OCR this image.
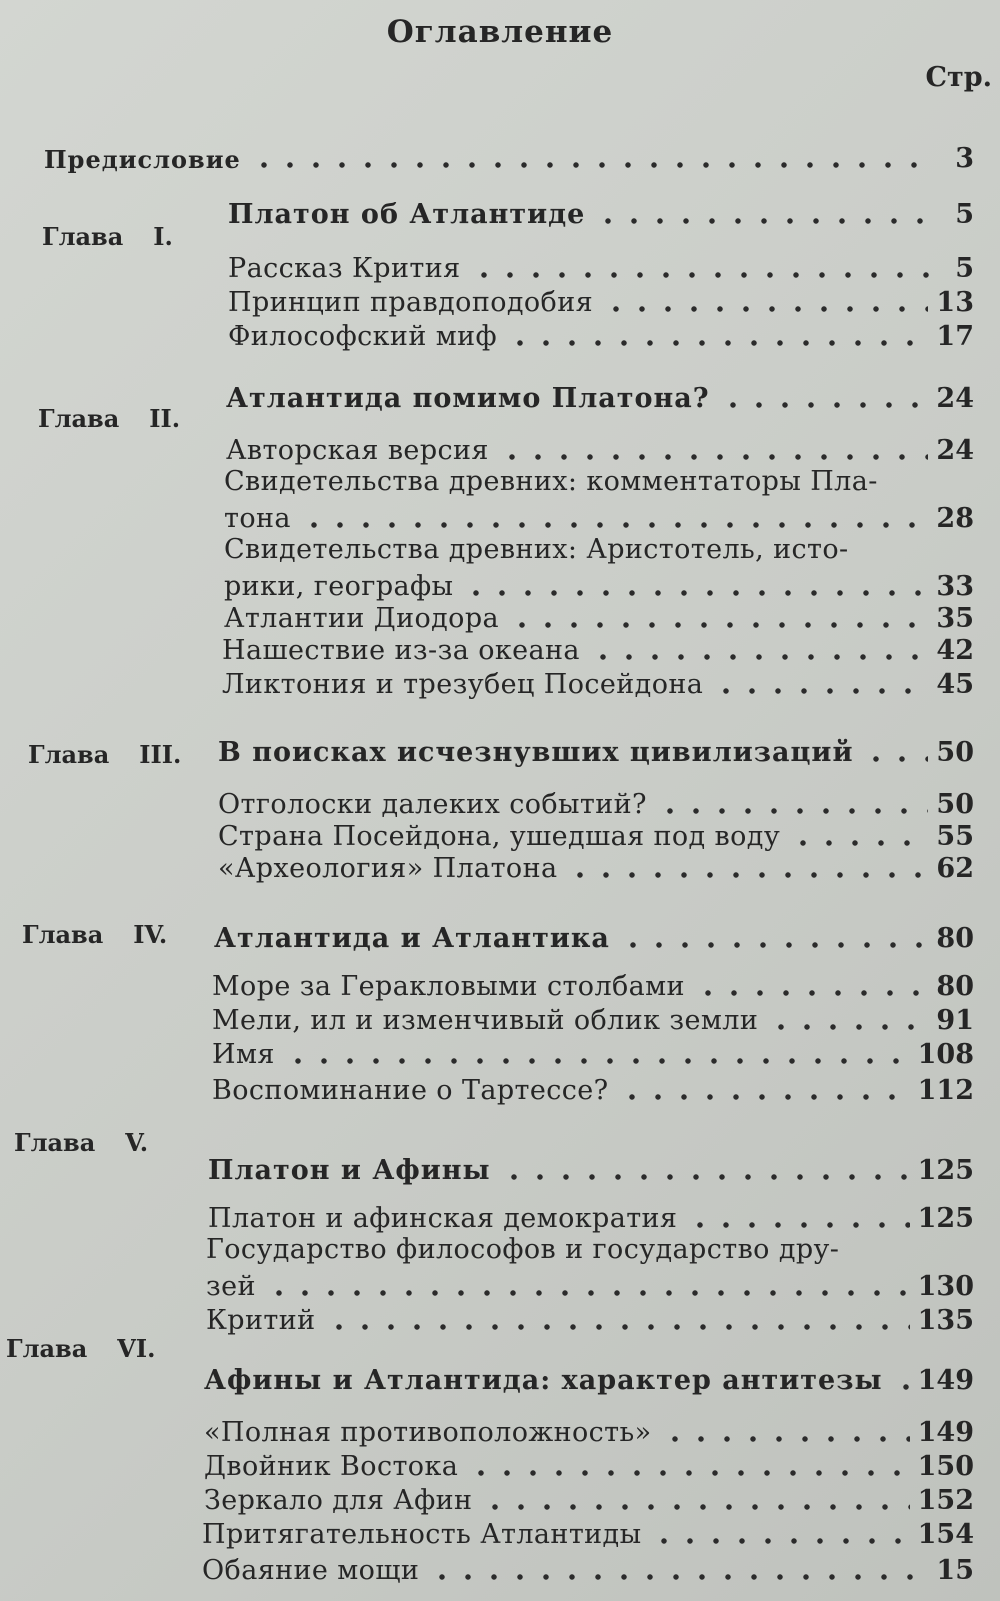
Оглавление
Стр.
Предисловие	3
Глава I.
Платон об Атлантиде	5
Рассказ Крития	5
Принцип правдоподобия	13
Философский миф	17
Глава II.
Атлантида помимо Платона?	24
Авторская версия	24
Свидетельства древних: комментаторы Пла-
тона	28
Свидетельства древних: Аристотель, исто-
рики, географы	33
Атлантии Диодора	35
Нашествие из-за океана	42
Ликтония и трезубец Посейдона	45
Глава III. В поисках исчезнувших цивилизаций	50
Отголоски далеких событий?	50
Страна Посейдона, ушедшая под воду	55
«Археология» Платона	62
Глава IV. Атлантида и Атлантика	80
Море за Геракловыми столбами	80
Мели, ил и изменчивый облик земли	91
Имя	108
Воспоминание о Тартессе?	112
Глава V.
Платон и Афины	125
Платон и афинская демократия	125
Государство философов и государство дру-
зей	130
Критий	135
Глава VI.
Афины и Атлантида: характер антитезы 149
«Полная противоположность»	149
Двойник Востока	150
Зеркало для Афин	152
Притягательность Атлантиды	154
Обаяние мощи	15
